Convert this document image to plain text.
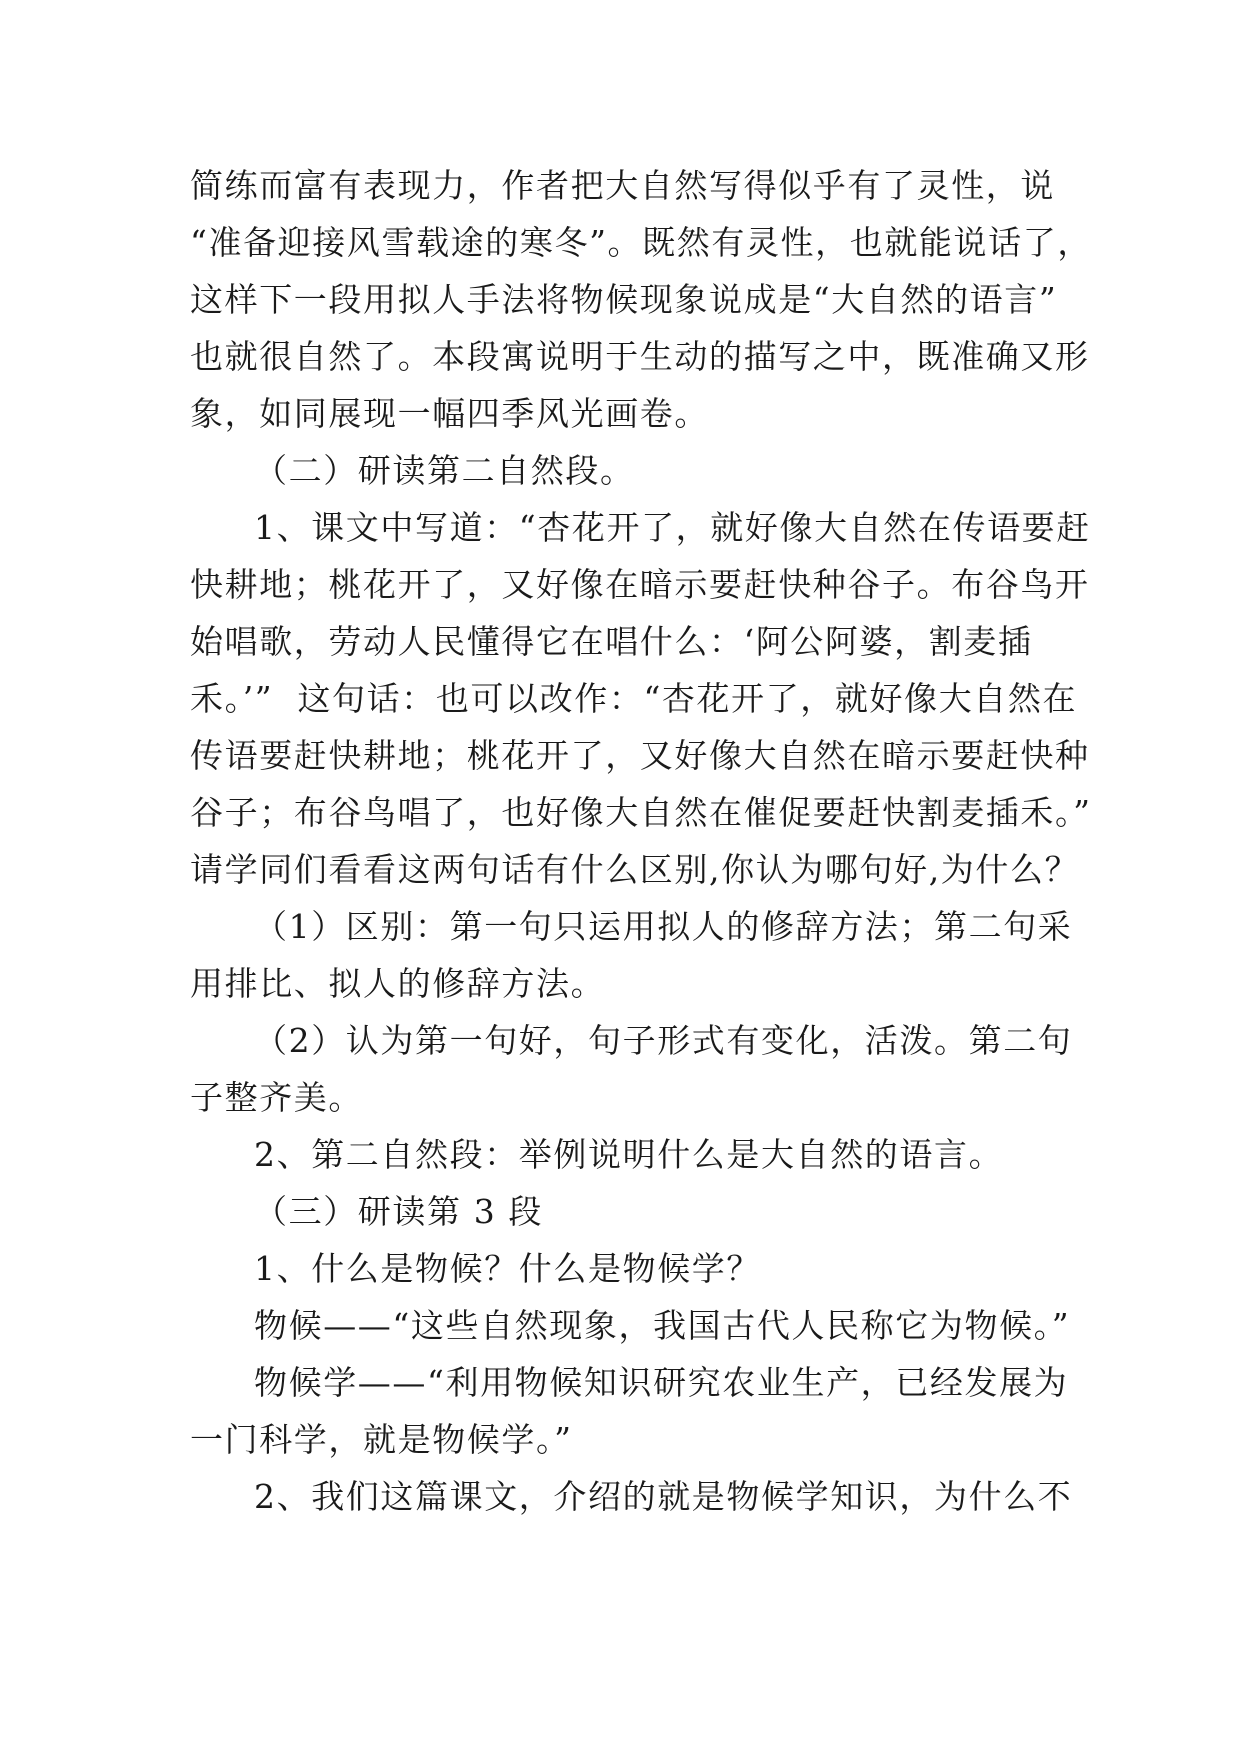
简练而富有表现力，作者把大自然写得似乎有了灵性，说
“准备迎接风雪载途的寒冬”。既然有灵性，也就能说话了，
这样下一段用拟人手法将物候现象说成是“大自然的语言”
也就很自然了。本段寓说明于生动的描写之中，既准确又形
象，如同展现一幅四季风光画卷。
（二）研读第二自然段。
1、课文中写道：“杏花开了，就好像大自然在传语要赶
快耕地；桃花开了，又好像在暗示要赶快种谷子。布谷鸟开
始唱歌，劳动人民懂得它在唱什么：‘阿公阿婆，割麦插
禾。’”  这句话：也可以改作：“杏花开了，就好像大自然在
传语要赶快耕地；桃花开了，又好像大自然在暗示要赶快种
谷子；布谷鸟唱了，也好像大自然在催促要赶快割麦插禾。”
请学同们看看这两句话有什么区别,你认为哪句好,为什么？
（1）区别：第一句只运用拟人的修辞方法；第二句采
用排比、拟人的修辞方法。
（2）认为第一句好，句子形式有变化，活泼。第二句
子整齐美。
2、第二自然段：举例说明什么是大自然的语言。
（三）研读第 3 段
1、什么是物候？什么是物候学？
物候——“这些自然现象，我国古代人民称它为物候。”
物候学——“利用物候知识研究农业生产，已经发展为
一门科学，就是物候学。”
2、我们这篇课文，介绍的就是物候学知识，为什么不
